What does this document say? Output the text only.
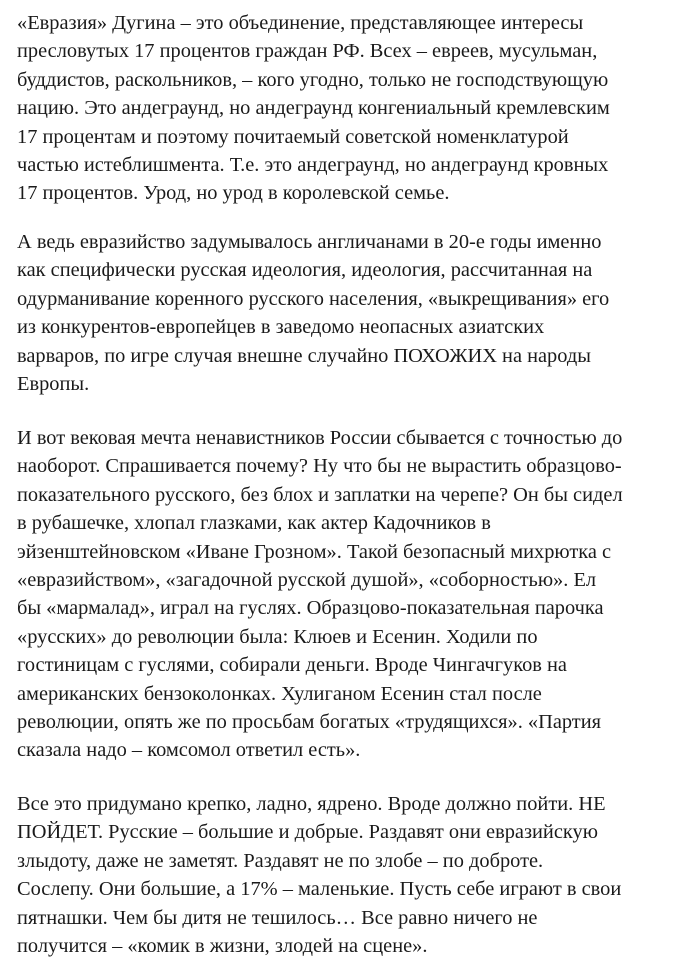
«Евразия» Дугина – это объединение, представляющее интересы
пресловутых 17 процентов граждан РФ. Всех – евреев, мусульман,
буддистов, раскольников, – кого угодно, только не господствующую
нацию. Это андеграунд, но андеграунд конгениальный кремлевским
17 процентам и поэтому почитаемый советской номенклатурой
частью истеблишмента. Т.е. это андеграунд, но андеграунд кровных
17 процентов. Урод, но урод в королевской семье.

А ведь евразийство задумывалось англичанами в 20-е годы именно
как специфически русская идеология, идеология, рассчитанная на
одурманивание коренного русского населения, «выкрещивания» его
из конкурентов-европейцев в заведомо неопасных азиатских
варваров, по игре случая внешне случайно ПОХОЖИХ на народы
Европы.

И вот вековая мечта ненавистников России сбывается с точностью до
наоборот. Спрашивается почему? Ну что бы не вырастить образцово-
показательного русского, без блох и заплатки на черепе? Он бы сидел
в рубашечке, хлопал глазками, как актер Кадочников в
эйзенштейновском «Иване Грозном». Такой безопасный михрютка с
«евразийством», «загадочной русской душой», «соборностью». Ел
бы «мармалад», играл на гуслях. Образцово-показательная парочка
«русских» до революции была: Клюев и Есенин. Ходили по
гостиницам с гуслями, собирали деньги. Вроде Чингачгуков на
американских бензоколонках. Хулиганом Есенин стал после
революции, опять же по просьбам богатых «трудящихся». «Партия
сказала надо – комсомол ответил есть».

Все это придумано крепко, ладно, ядрено. Вроде должно пойти. НЕ
ПОЙДЕТ. Русские – большие и добрые. Раздавят они евразийскую
злыдоту, даже не заметят. Раздавят не по злобе – по доброте.
Сослепу. Они большие, а 17% – маленькие. Пусть себе играют в свои
пятнашки. Чем бы дитя не тешилось… Все равно ничего не
получится – «комик в жизни, злодей на сцене».
